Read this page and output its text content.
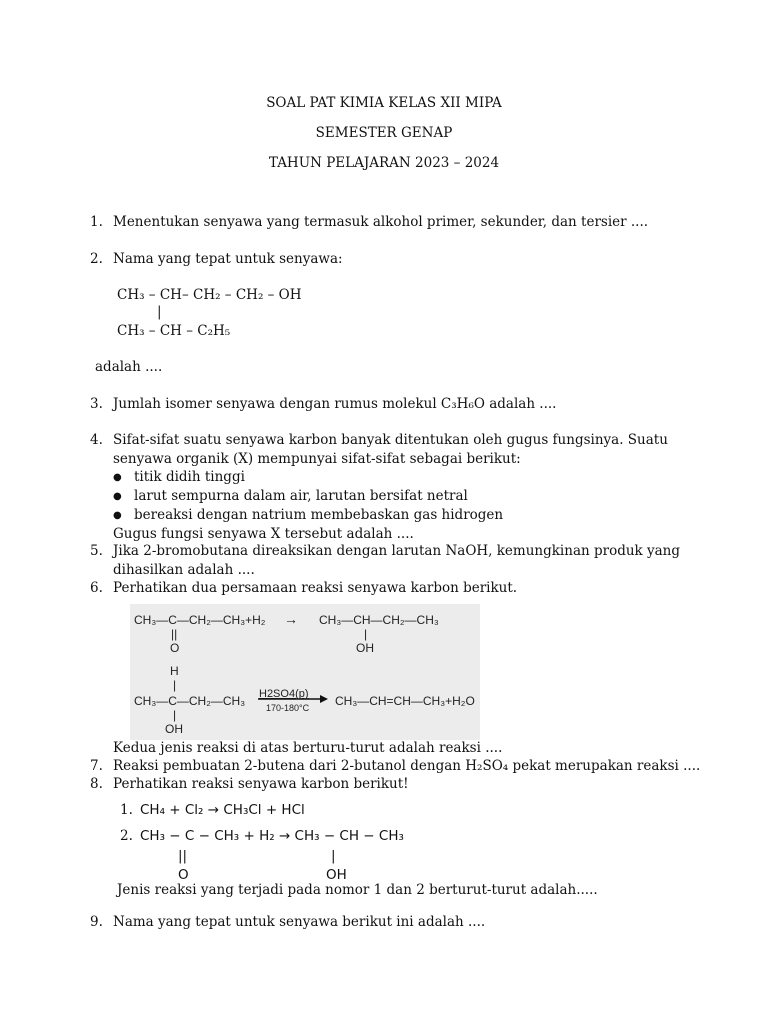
SOAL PAT KIMIA KELAS XII MIPA
SEMESTER GENAP
TAHUN PELAJARAN 2023 – 2024
1. Menentukan senyawa yang termasuk alkohol primer, sekunder, dan tersier ....
2. Nama yang tepat untuk senyawa:
CH₃ – CH– CH₂ – CH₂ – OH
|
CH₃ – CH – C₂H₅
adalah ....
3. Jumlah isomer senyawa dengan rumus molekul C₃H₆O adalah ....
4. Sifat-sifat suatu senyawa karbon banyak ditentukan oleh gugus fungsinya. Suatu
senyawa organik (X) mempunyai sifat-sifat sebagai berikut:
● titik didih tinggi
● larut sempurna dalam air, larutan bersifat netral
● bereaksi dengan natrium membebaskan gas hidrogen
Gugus fungsi senyawa X tersebut adalah ....
5. Jika 2-bromobutana direaksikan dengan larutan NaOH, kemungkinan produk yang
dihasilkan adalah ....
6. Perhatikan dua persamaan reaksi senyawa karbon berikut.
CH₃—C—CH₂—CH₃+H₂ → CH₃—CH—CH₂—CH₃
||
O
|
OH
H
|
CH₃—C—CH₂—CH₃ H2SO4(p)
170-180°C CH₃—CH=CH—CH₃+H₂O
|
OH
Kedua jenis reaksi di atas berturu-turut adalah reaksi ....
7. Reaksi pembuatan 2-butena dari 2-butanol dengan H₂SO₄ pekat merupakan reaksi ....
8. Perhatikan reaksi senyawa karbon berikut!
1. CH₄ + Cl₂ → CH₃Cl + HCl
2. CH₃ − C − CH₃ + H₂ → CH₃ − CH − CH₃
||	|
O	OH
Jenis reaksi yang terjadi pada nomor 1 dan 2 berturut-turut adalah.....
9. Nama yang tepat untuk senyawa berikut ini adalah ....
